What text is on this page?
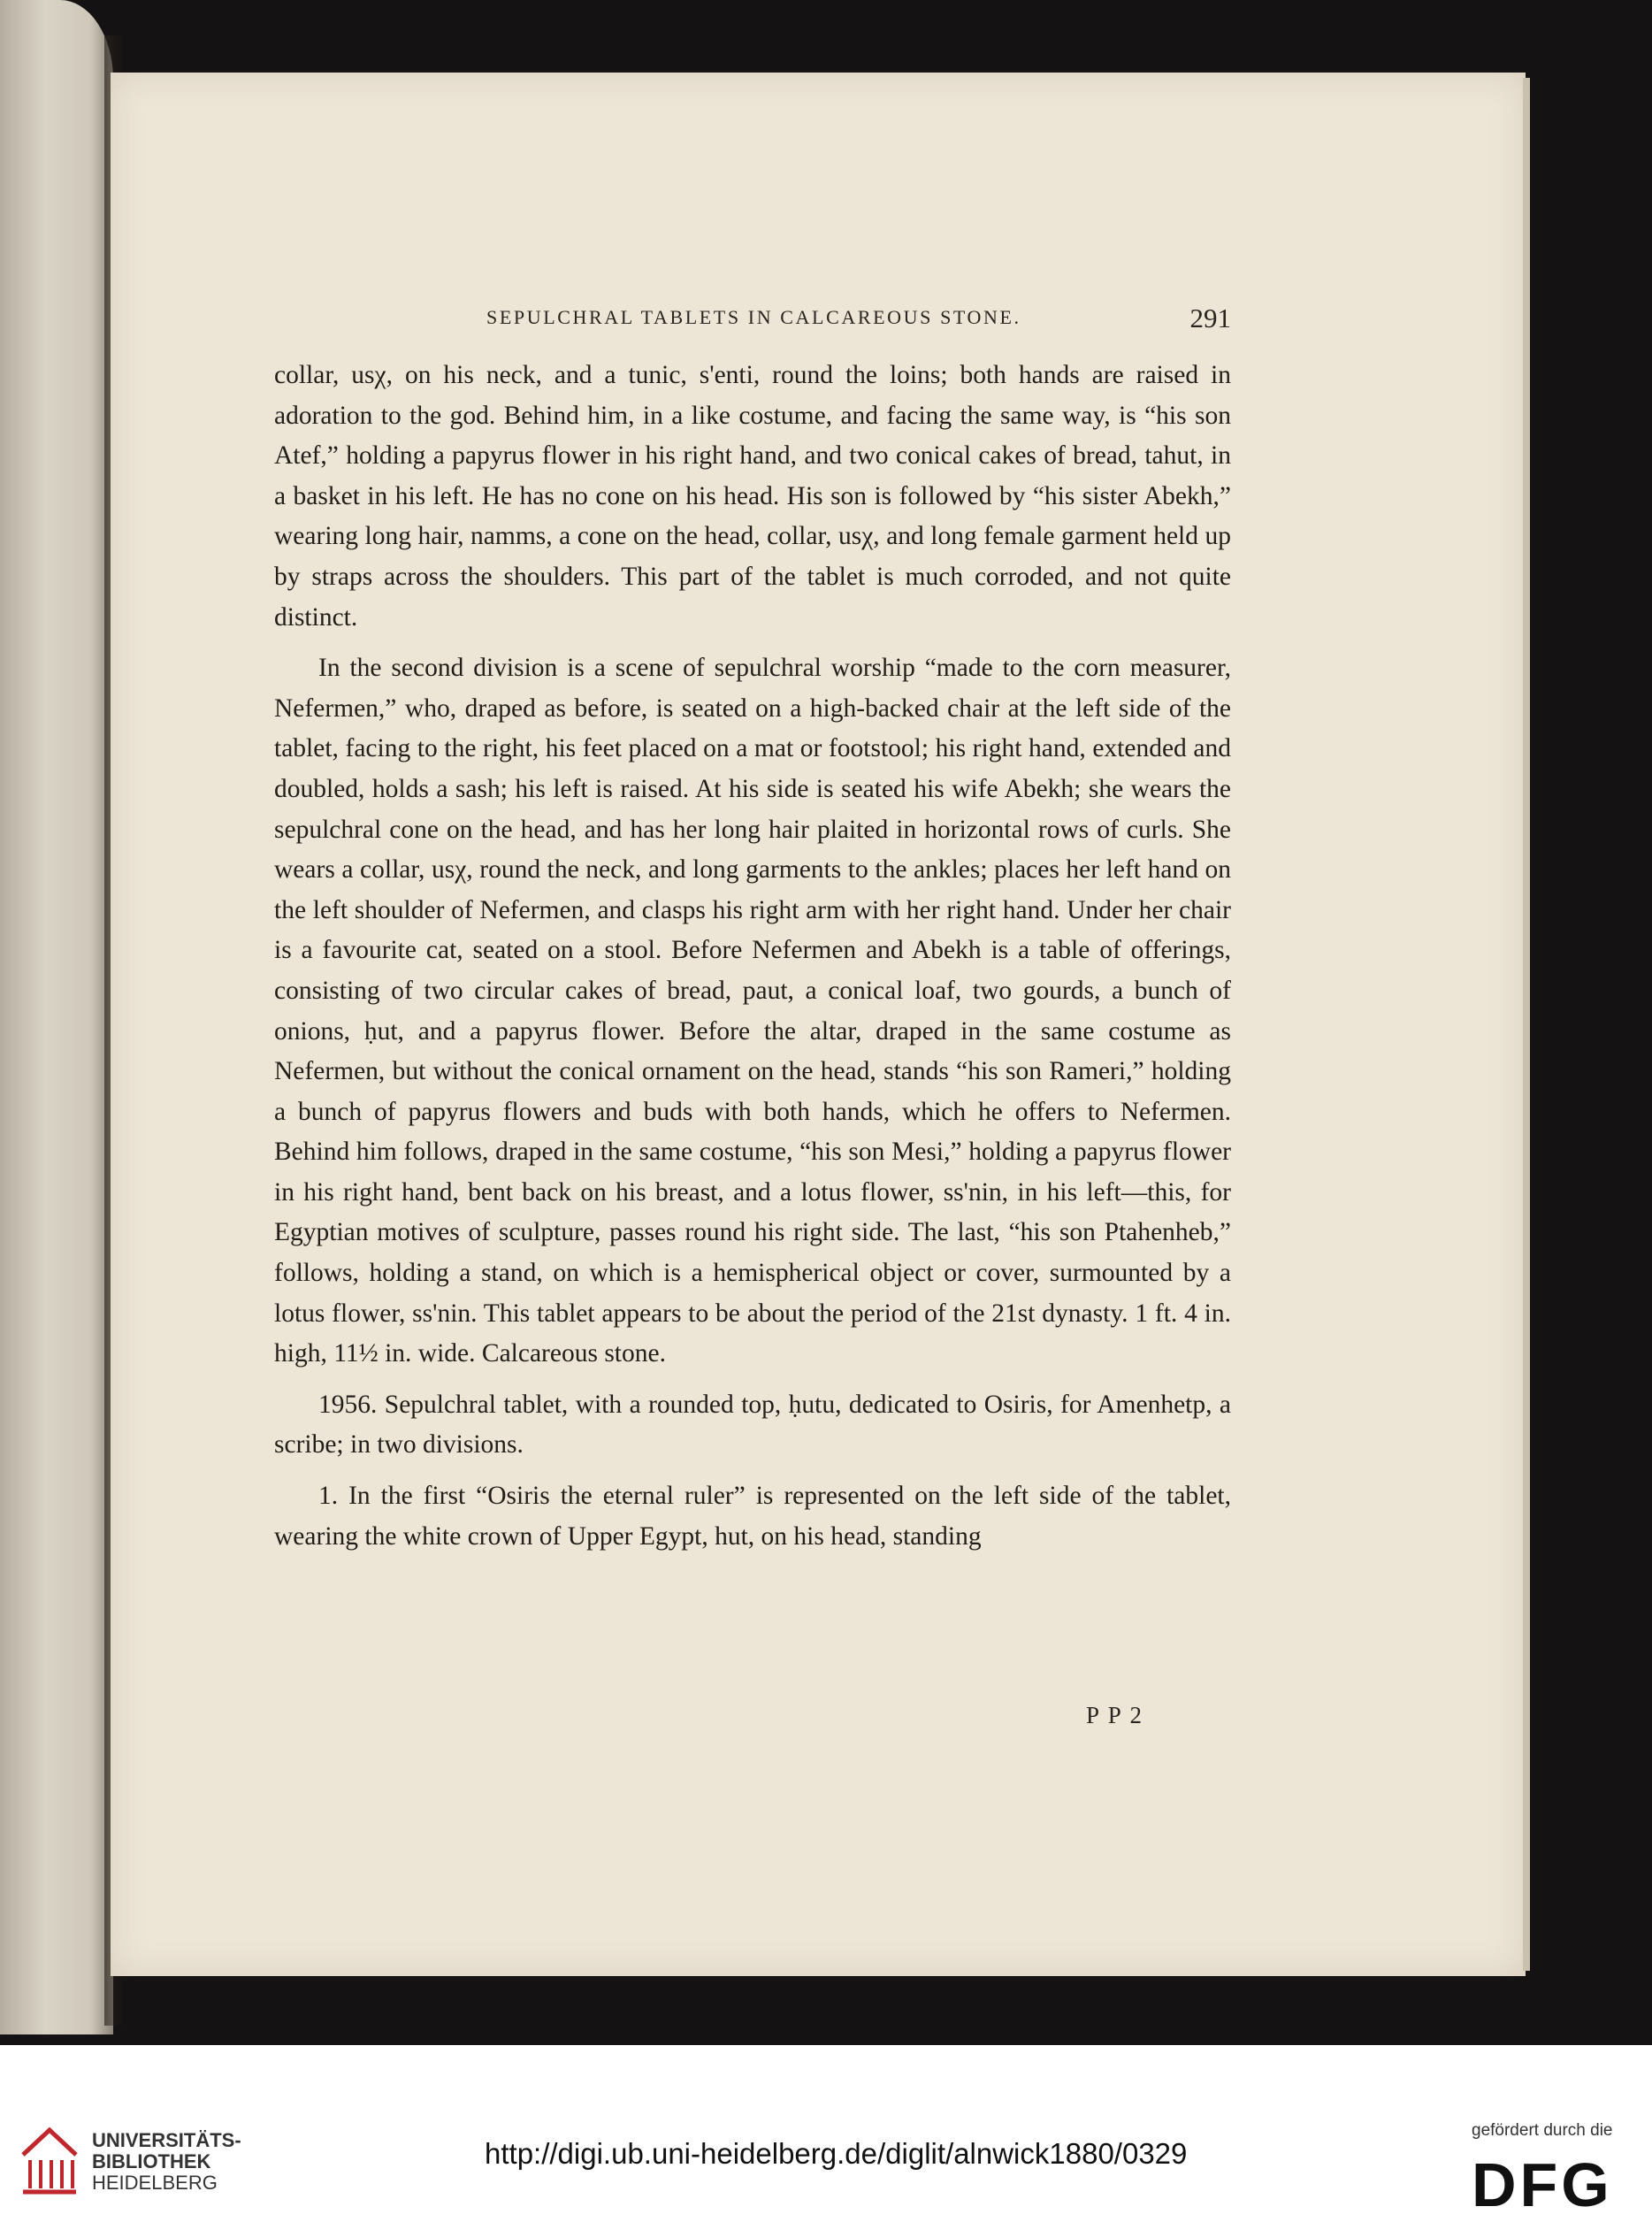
SEPULCHRAL TABLETS IN CALCAREOUS STONE.	291

collar, usχ, on his neck, and a tunic, s'enti, round the loins; both hands are raised in adoration to the god. Behind him, in a like costume, and facing the same way, is “his son Atef,” holding a papyrus flower in his right hand, and two conical cakes of bread, tahut, in a basket in his left. He has no cone on his head. His son is followed by “his sister Abekh,” wearing long hair, namms, a cone on the head, collar, usχ, and long female garment held up by straps across the shoulders. This part of the tablet is much corroded, and not quite distinct.

In the second division is a scene of sepulchral worship “made to the corn measurer, Nefermen,” who, draped as before, is seated on a high-backed chair at the left side of the tablet, facing to the right, his feet placed on a mat or footstool; his right hand, extended and doubled, holds a sash; his left is raised. At his side is seated his wife Abekh; she wears the sepulchral cone on the head, and has her long hair plaited in horizontal rows of curls. She wears a collar, usχ, round the neck, and long garments to the ankles; places her left hand on the left shoulder of Nefermen, and clasps his right arm with her right hand. Under her chair is a favourite cat, seated on a stool. Before Nefermen and Abekh is a table of offerings, consisting of two circular cakes of bread, paut, a conical loaf, two gourds, a bunch of onions, ḥut, and a papyrus flower. Before the altar, draped in the same costume as Nefermen, but without the conical ornament on the head, stands “his son Rameri,” holding a bunch of papyrus flowers and buds with both hands, which he offers to Nefermen. Behind him follows, draped in the same costume, “his son Mesi,” holding a papyrus flower in his right hand, bent back on his breast, and a lotus flower, ss'nin, in his left—this, for Egyptian motives of sculpture, passes round his right side. The last, “his son Ptahenheb,” follows, holding a stand, on which is a hemispherical object or cover, surmounted by a lotus flower, ss'nin. This tablet appears to be about the period of the 21st dynasty. 1 ft. 4 in. high, 11½ in. wide. Calcareous stone.

1956. Sepulchral tablet, with a rounded top, ḥutu, dedicated to Osiris, for Amenhetp, a scribe; in two divisions.

1. In the first “Osiris the eternal ruler” is represented on the left side of the tablet, wearing the white crown of Upper Egypt, hut, on his head, standing

P P 2
UNIVERSITÄTS-
BIBLIOTHEK
HEIDELBERG
http://digi.ub.uni-heidelberg.de/diglit/alnwick1880/0329
gefördert durch die
DFG
